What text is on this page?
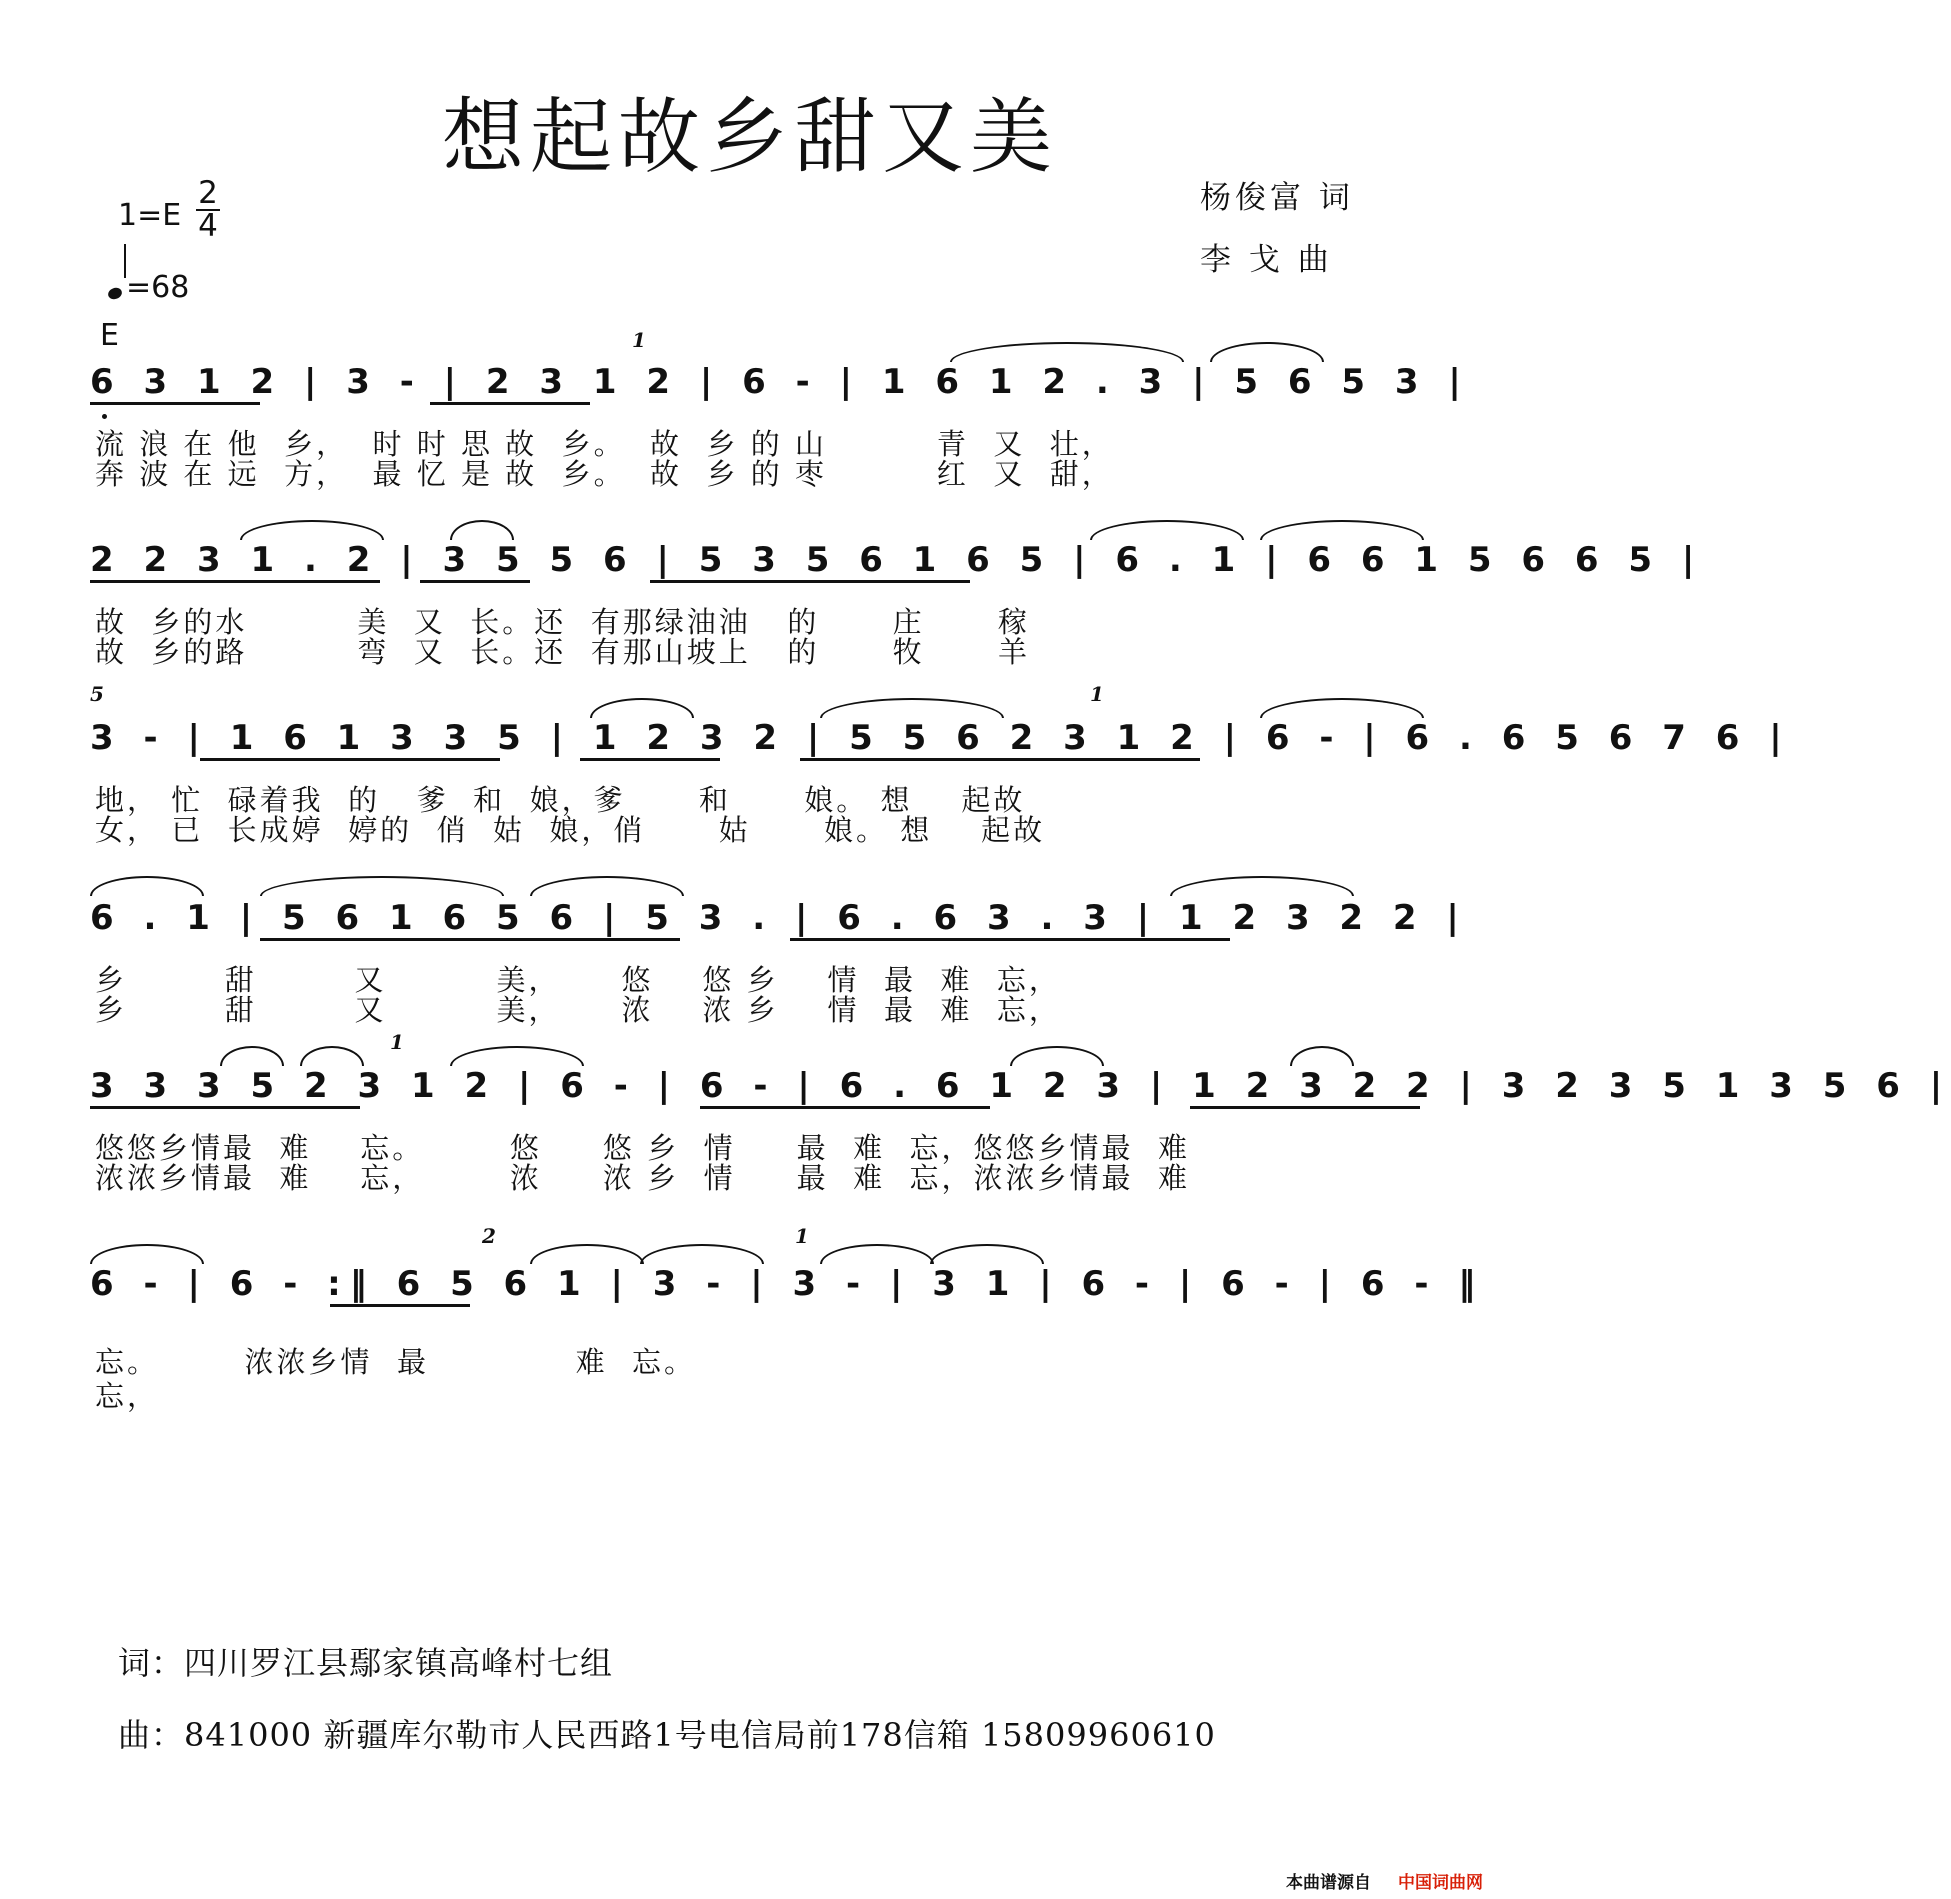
想起故乡甜又美
杨俊富 词
李 戈 曲
1=E
2
4
=68
E
6 3 1 2 | 3 - | 2 3 1 2 | 6 - | 1 6 1 2 . 3 | 5 6 5 3 |
1
流 浪 在 他  乡，  时 时 思 故  乡。  故  乡 的 山         青  又  壮，
奔 波 在 远  方，  最 忆 是 故  乡。  故  乡 的 枣         红  又  甜，
2 2 3 1 . 2 | 3 5 5 6 | 5 3 5 6 1 6 5 | 6 . 1 | 6 6 1 5 6 6 5 |
故  乡的水         美  又  长。还  有那绿油油   的      庄      稼
故  乡的路         弯  又  长。还  有那山坡上   的      牧      羊
3 - | 1 6 1 3 3 5 | 1 2 3 2 | 5 5 6 2 3 1 2 | 6 - | 6 . 6 5 6 7 6 |
5	1
地， 忙  碌着我  的   爹  和  娘，爹      和      娘。 想    起故
女， 已  长成婷  婷的  俏  姑  娘，俏      姑      娘。 想    起故
6 . 1 | 5 6 1 6 5 6 | 5 3 . | 6 . 6 3 . 3 | 1 2 3 2 2 |
乡        甜        又         美，     悠    悠 乡    情  最  难  忘，
乡        甜        又         美，     浓    浓 乡    情  最  难  忘，
3 3 3 5 2 3 1 2 | 6 - | 6 - | 6 . 6 1 2 3 | 1 2 3 2 2 | 3 2 3 5 1 3 5 6 |
1
悠悠乡情最  难    忘。       悠     悠 乡  情     最  难  忘，悠悠乡情最  难
浓浓乡情最  难    忘，       浓     浓 乡  情     最  难  忘，浓浓乡情最  难
6 - | 6 - :‖ 6 5 6 1 | 3 - | 3 - | 3 1 | 6 - | 6 - | 6 - ‖
2	1
忘。       浓浓乡情  最            难  忘。
忘，
词：四川罗江县鄢家镇高峰村七组
曲：841000 新疆库尔勒市人民西路1号电信局前178信箱 15809960610
本曲谱源自 中国词曲网
